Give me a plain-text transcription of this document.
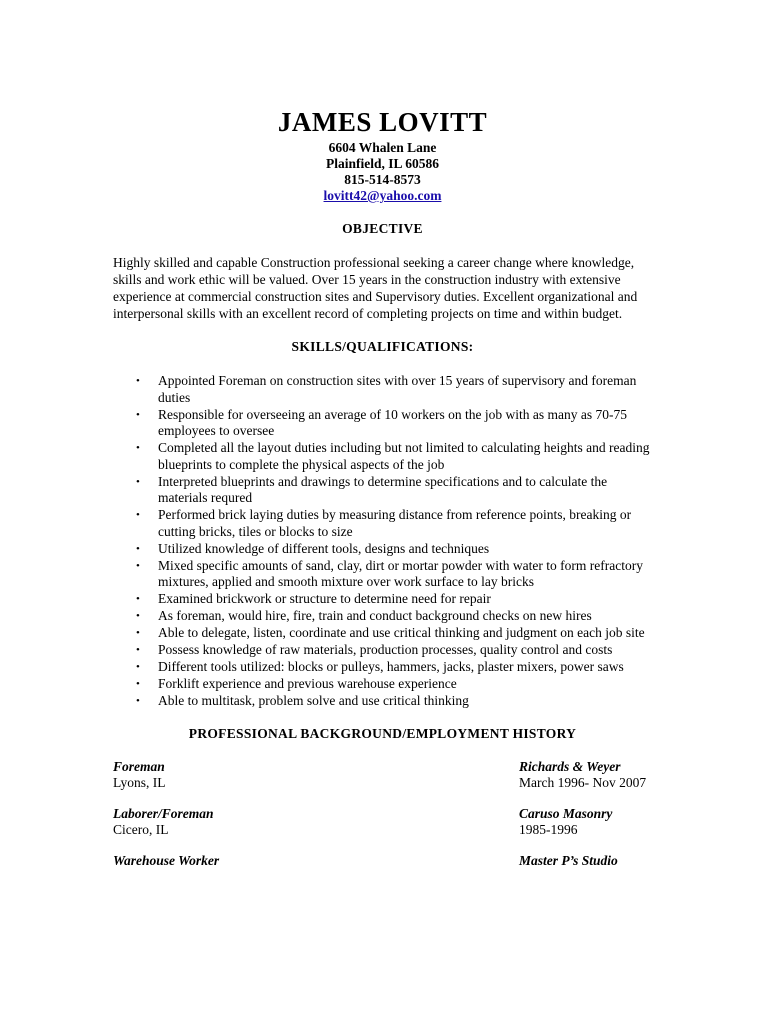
JAMES LOVITT
6604 Whalen Lane
Plainfield, IL 60586
815-514-8573
lovitt42@yahoo.com
OBJECTIVE
Highly skilled and capable Construction professional seeking a career change where knowledge,
skills and work ethic will be valued. Over 15 years in the construction industry with extensive
experience at commercial construction sites and Supervisory duties. Excellent organizational and
interpersonal skills with an excellent record of completing projects on time and within budget.
SKILLS/QUALIFICATIONS:
• Appointed Foreman on construction sites with over 15 years of supervisory and foreman duties
• Responsible for overseeing an average of 10 workers on the job with as many as 70-75 employees to oversee
• Completed all the layout duties including but not limited to calculating heights and reading blueprints to complete the physical aspects of the job
• Interpreted blueprints and drawings to determine specifications and to calculate the materials requred
• Performed brick laying duties by measuring distance from reference points, breaking or cutting bricks, tiles or blocks to size
• Utilized knowledge of different tools, designs and techniques
• Mixed specific amounts of sand, clay, dirt or mortar powder with water to form refractory mixtures, applied and smooth mixture over work surface to lay bricks
• Examined brickwork or structure to determine need for repair
• As foreman, would hire, fire, train and conduct background checks on new hires
• Able to delegate, listen, coordinate and use critical thinking and judgment on each job site
• Possess knowledge of raw materials, production processes, quality control and costs
• Different tools utilized: blocks or pulleys, hammers, jacks, plaster mixers, power saws
• Forklift experience and previous warehouse experience
• Able to multitask, problem solve and use critical thinking
PROFESSIONAL BACKGROUND/EMPLOYMENT HISTORY
Foreman
Lyons, IL
Richards & Weyer
March 1996- Nov 2007
Laborer/Foreman
Cicero, IL
Caruso Masonry
1985-1996
Warehouse Worker	Master P’s Studio
